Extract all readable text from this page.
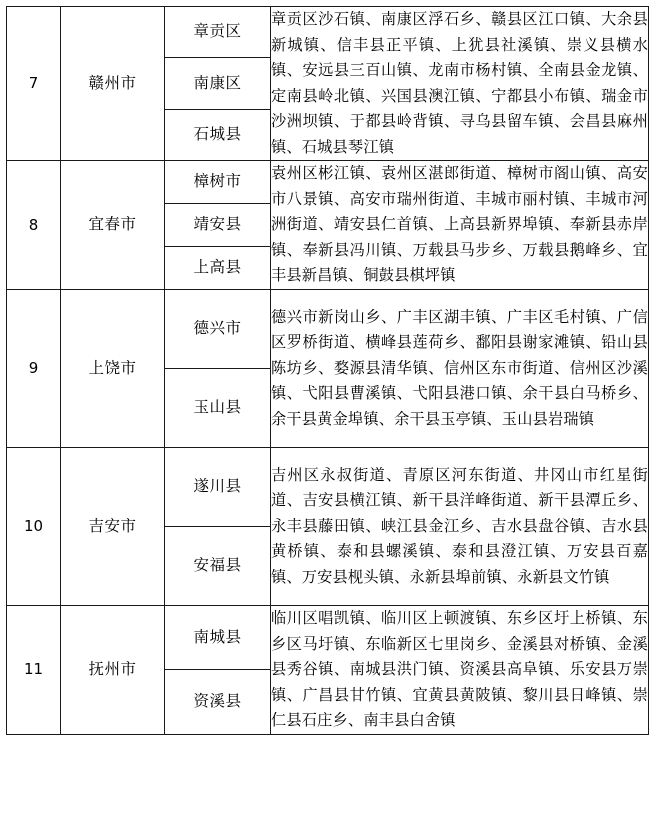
7	赣州市	章贡区	章贡区沙石镇、南康区浮石乡、赣县区江口镇、大余县新城镇、信丰县正平镇、上犹县社溪镇、崇义县横水镇、安远县三百山镇、龙南市杨村镇、全南县金龙镇、定南县岭北镇、兴国县澳江镇、宁都县小布镇、瑞金市沙洲坝镇、于都县岭背镇、寻乌县留车镇、会昌县麻州镇、石城县琴江镇
		南康区	
		石城县	
8	宜春市	樟树市	袁州区彬江镇、袁州区湛郎街道、樟树市阁山镇、高安市八景镇、高安市瑞州街道、丰城市丽村镇、丰城市河洲街道、靖安县仁首镇、上高县新界埠镇、奉新县赤岸镇、奉新县冯川镇、万载县马步乡、万载县鹅峰乡、宜丰县新昌镇、铜鼓县棋坪镇
		靖安县	
		上高县	
9	上饶市	德兴市	德兴市新岗山乡、广丰区湖丰镇、广丰区毛村镇、广信区罗桥街道、横峰县莲荷乡、鄱阳县谢家滩镇、铅山县陈坊乡、婺源县清华镇、信州区东市街道、信州区沙溪镇、弋阳县曹溪镇、弋阳县港口镇、余干县白马桥乡、余干县黄金埠镇、余干县玉亭镇、玉山县岩瑞镇
		玉山县	
10	吉安市	遂川县	吉州区永叔街道、青原区河东街道、井冈山市红星街道、吉安县横江镇、新干县洋峰街道、新干县潭丘乡、永丰县藤田镇、峡江县金江乡、吉水县盘谷镇、吉水县黄桥镇、泰和县螺溪镇、泰和县澄江镇、万安县百嘉镇、万安县枧头镇、永新县埠前镇、永新县文竹镇
		安福县	
11	抚州市	南城县	临川区唱凯镇、临川区上顿渡镇、东乡区圩上桥镇、东乡区马圩镇、东临新区七里岗乡、金溪县对桥镇、金溪县秀谷镇、南城县洪门镇、资溪县高阜镇、乐安县万崇镇、广昌县甘竹镇、宜黄县黄陂镇、黎川县日峰镇、崇仁县石庄乡、南丰县白舍镇
		资溪县	
